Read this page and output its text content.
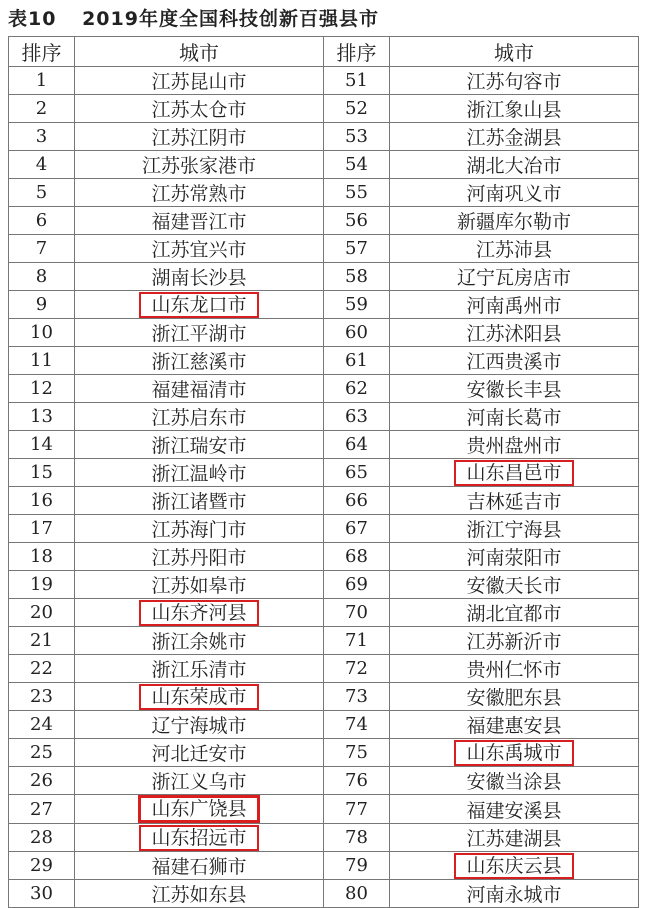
表10 2019年度全国科技创新百强县市
排序	城市	排序	城市
1	江苏昆山市	51	江苏句容市
2	江苏太仓市	52	浙江象山县
3	江苏江阴市	53	江苏金湖县
4	江苏张家港市	54	湖北大冶市
5	江苏常熟市	55	河南巩义市
6	福建晋江市	56	新疆库尔勒市
7	江苏宜兴市	57	江苏沛县
8	湖南长沙县	58	辽宁瓦房店市
9	山东龙口市	59	河南禹州市
10	浙江平湖市	60	江苏沭阳县
11	浙江慈溪市	61	江西贵溪市
12	福建福清市	62	安徽长丰县
13	江苏启东市	63	河南长葛市
14	浙江瑞安市	64	贵州盘州市
15	浙江温岭市	65	山东昌邑市
16	浙江诸暨市	66	吉林延吉市
17	江苏海门市	67	浙江宁海县
18	江苏丹阳市	68	河南荥阳市
19	江苏如皋市	69	安徽天长市
20	山东齐河县	70	湖北宜都市
21	浙江余姚市	71	江苏新沂市
22	浙江乐清市	72	贵州仁怀市
23	山东荣成市	73	安徽肥东县
24	辽宁海城市	74	福建惠安县
25	河北迁安市	75	山东禹城市
26	浙江义乌市	76	安徽当涂县
27	山东广饶县	77	福建安溪县
28	山东招远市	78	江苏建湖县
29	福建石狮市	79	山东庆云县
30	江苏如东县	80	河南永城市
